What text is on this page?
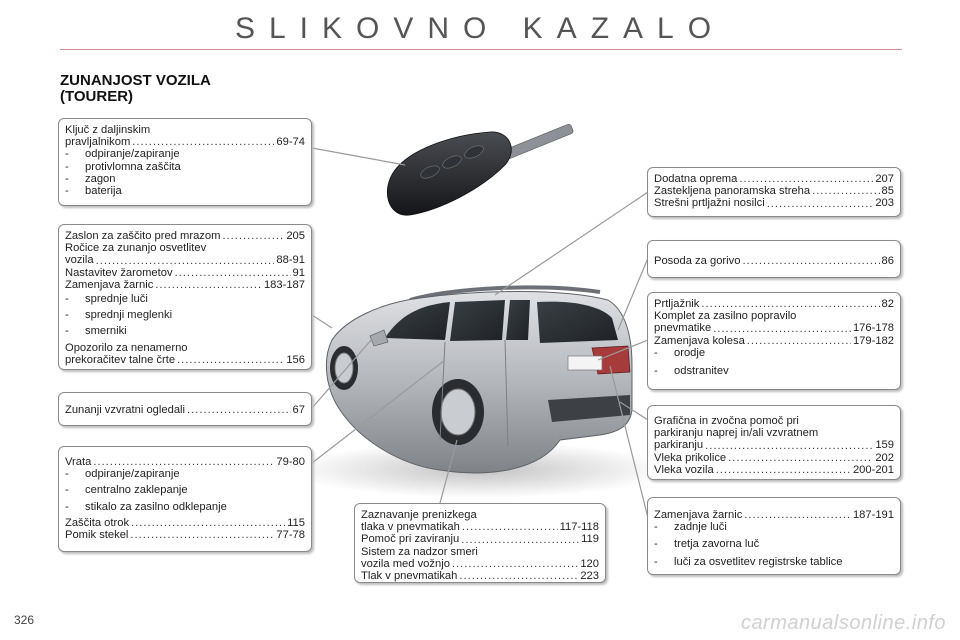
SLIKOVNO KAZALO
ZUNANJOST VOZILA
(TOURER)
Ključ z daljinskim
pravljalnikom .....	69-74
- odpiranje/zapiranje
- protivlomna zaščita
- zagon
- baterija
Zaslon za zaščito pred mrazom .....	205
Ročice za zunanjo osvetlitev
vozila .....	88-91
Nastavitev žarometov .....	91
Zamenjava žarnic .....	183-187
- sprednje luči
- sprednji meglenki
- smerniki
Opozorilo za nenamerno
prekoračitev talne črte .....	156
Zunanji vzvratni ogledali .....	67
Vrata .....	79-80
- odpiranje/zapiranje
- centralno zaklepanje
- stikalo za zasilno odklepanje
Zaščita otrok .....	115
Pomik stekel .....	77-78
Zaznavanje prenizkega
tlaka v pnevmatikah .....	117-118
Pomoč pri zaviranju .....	119
Sistem za nadzor smeri
vozila med vožnjo .....	120
Tlak v pnevmatikah .....	223
Dodatna oprema .....	207
Zastekljena panoramska streha .....	85
Strešni prtljažni nosilci .....	203
Posoda za gorivo .....	86
Prtljažnik .....	82
Komplet za zasilno popravilo
pnevmatike .....	176-178
Zamenjava kolesa .....	179-182
- orodje
- odstranitev
Grafična in zvočna pomoč pri
parkiranju naprej in/ali vzvratnem
parkiranju .....	159
Vleka prikolice .....	202
Vleka vozila .....	200-201
Zamenjava žarnic .....	187-191
- zadnje luči
- tretja zavorna luč
- luči za osvetlitev registrske tablice
326	carmanualsonline.info
